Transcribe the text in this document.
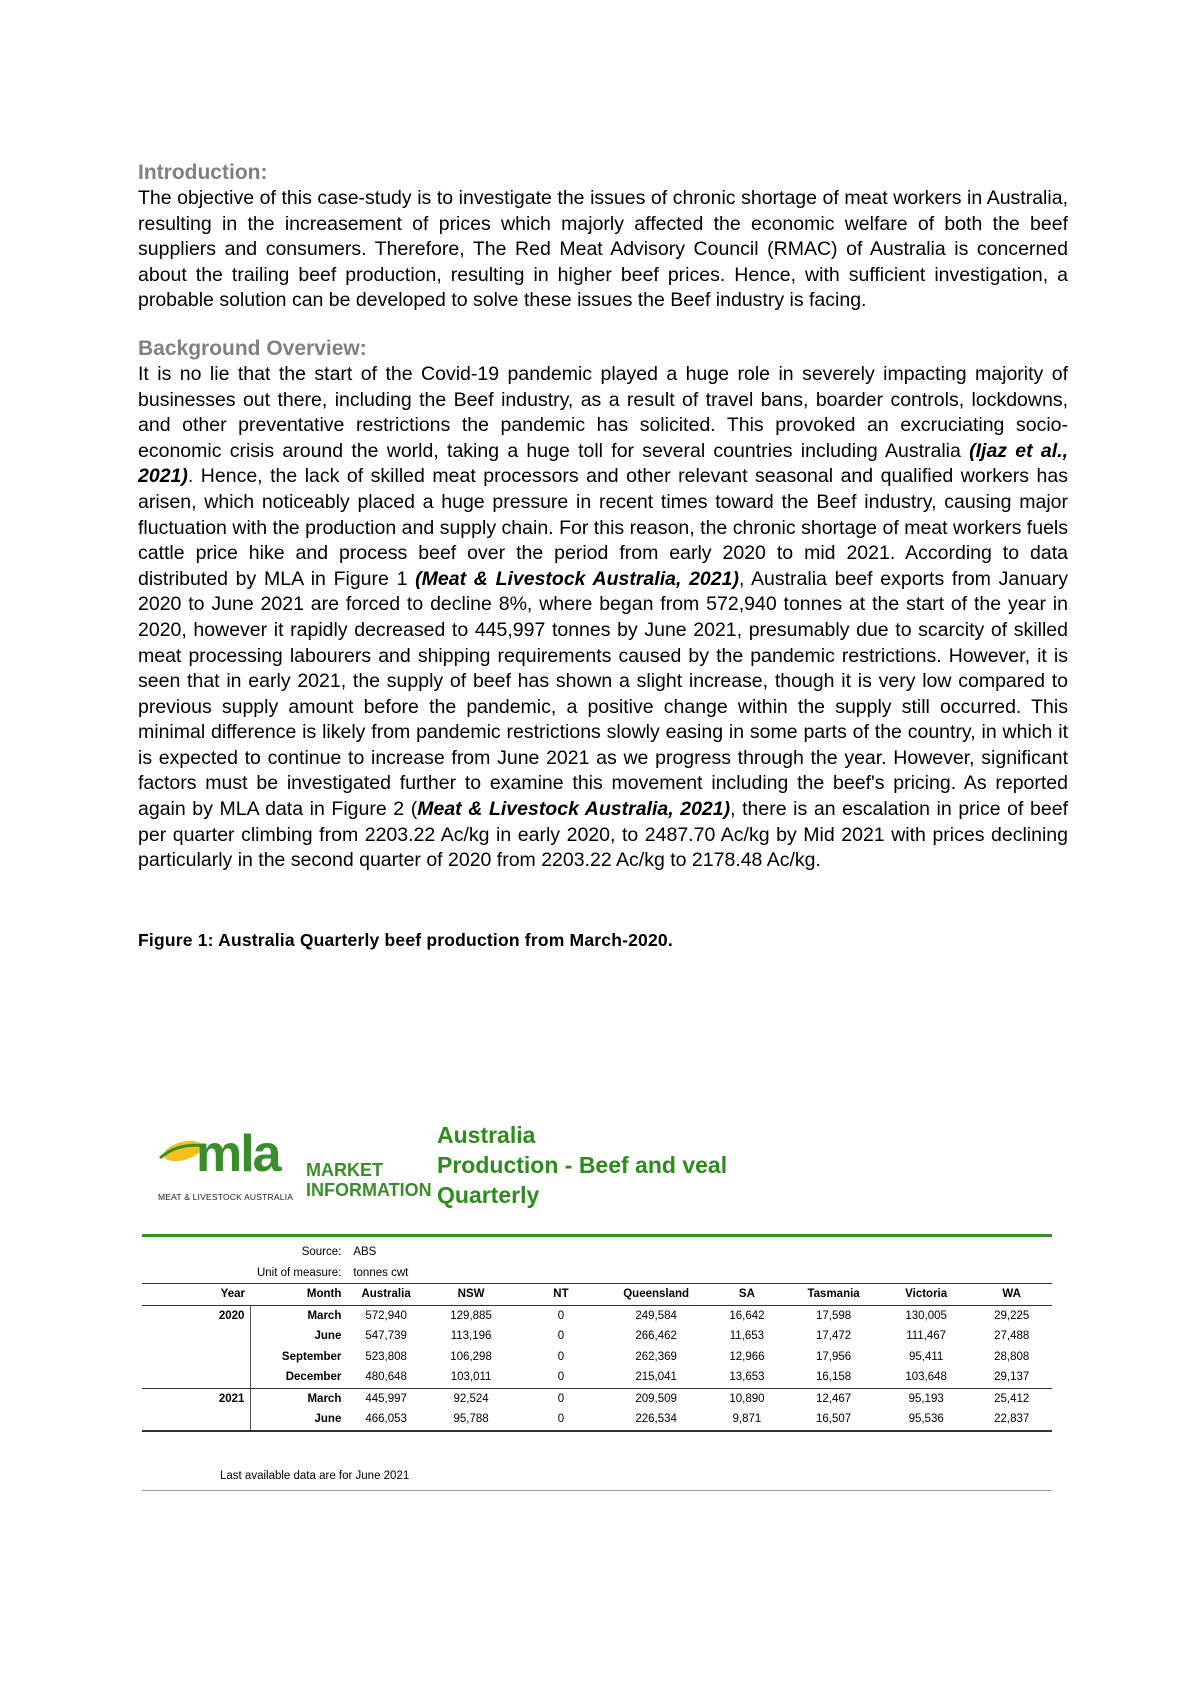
Introduction:

The objective of this case-study is to investigate the issues of chronic shortage of meat workers in Australia, resulting in the increasement of prices which majorly affected the economic welfare of both the beef suppliers and consumers. Therefore, The Red Meat Advisory Council (RMAC) of Australia is concerned about the trailing beef production, resulting in higher beef prices. Hence, with sufficient investigation, a probable solution can be developed to solve these issues the Beef industry is facing.

Background Overview:

It is no lie that the start of the Covid-19 pandemic played a huge role in severely impacting majority of businesses out there, including the Beef industry, as a result of travel bans, boarder controls, lockdowns, and other preventative restrictions the pandemic has solicited. This provoked an excruciating socio-economic crisis around the world, taking a huge toll for several countries including Australia (Ijaz et al., 2021). Hence, the lack of skilled meat processors and other relevant seasonal and qualified workers has arisen, which noticeably placed a huge pressure in recent times toward the Beef industry, causing major fluctuation with the production and supply chain. For this reason, the chronic shortage of meat workers fuels cattle price hike and process beef over the period from early 2020 to mid 2021. According to data distributed by MLA in Figure 1 (Meat & Livestock Australia, 2021), Australia beef exports from January 2020 to June 2021 are forced to decline 8%, where began from 572,940 tonnes at the start of the year in 2020, however it rapidly decreased to 445,997 tonnes by June 2021, presumably due to scarcity of skilled meat processing labourers and shipping requirements caused by the pandemic restrictions. However, it is seen that in early 2021, the supply of beef has shown a slight increase, though it is very low compared to previous supply amount before the pandemic, a positive change within the supply still occurred. This minimal difference is likely from pandemic restrictions slowly easing in some parts of the country, in which it is expected to continue to increase from June 2021 as we progress through the year. However, significant factors must be investigated further to examine this movement including the beef's pricing. As reported again by MLA data in Figure 2 (Meat & Livestock Australia, 2021), there is an escalation in price of beef per quarter climbing from 2203.22 Ac/kg in early 2020, to 2487.70 Ac/kg by Mid 2021 with prices declining particularly in the second quarter of 2020 from 2203.22 Ac/kg to 2178.48 Ac/kg.

Figure 1: Australia Quarterly beef production from March-2020.

mla
MEAT & LIVESTOCK AUSTRALIA
MARKET
INFORMATION
Australia
Production - Beef and veal
Quarterly
	Source:	ABS							
	Unit of measure:	tonnes cwt							
Year	Month	Australia	NSW	NT	Queensland	SA	Tasmania	Victoria	WA
2020	March	572,940	129,885	0	249,584	16,642	17,598	130,005	29,225
	June	547,739	113,196	0	266,462	11,653	17,472	111,467	27,488
	September	523,808	106,298	0	262,369	12,966	17,956	95,411	28,808
	December	480,648	103,011	0	215,041	13,653	16,158	103,648	29,137
2021	March	445,997	92,524	0	209,509	10,890	12,467	95,193	25,412
	June	466,053	95,788	0	226,534	9,871	16,507	95,536	22,837
Last available data are for June 2021
